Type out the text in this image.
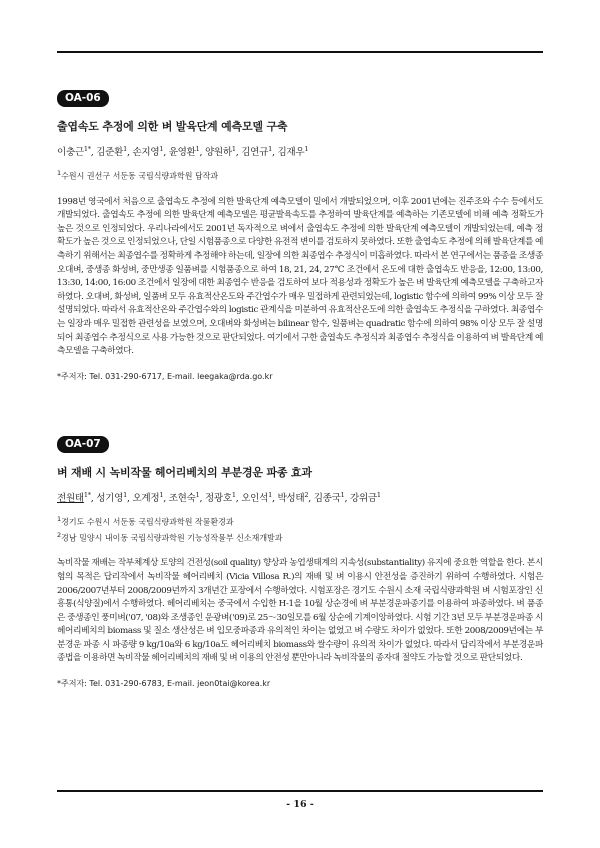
OA-06
출엽속도 추정에 의한 벼 발육단계 예측모델 구축
이충근$^{1*}$, 김준환$^1$, 손지영$^1$, 윤영환$^1$, 양원하$^1$, 김연규$^1$, 김재우$^1$
$^1$수원시 권선구 서둔동 국립식량과학원 답작과
1998년 영국에서 처음으로 출엽속도 추정에 의한 발육단계 예측모델이 밀에서 개발되었으며, 이후 2001년에는 진주조와 수수 등에서도 개발되었다. 출엽속도 추정에 의한 발육단계 예측모델은 평균발육속도를 추정하여 발육단계를 예측하는 기존모델에 비해 예측 정확도가 높은 것으로 인정되었다. 우리나라에서도 2001년 독자적으로 벼에서 출엽속도 추정에 의한 발육단계 예측모델이 개발되었는데, 예측 정확도가 높은 것으로 인정되었으나, 단일 시험품종으로 다양한 유전적 변이를 검토하지 못하였다. 또한 출엽속도 추정에 의해 발육단계를 예측하기 위해서는 최종엽수를 정확하게 추정해야 하는데, 일장에 의한 최종엽수 추정식이 미흡하였다. 따라서 본 연구에서는 품종을 조생종 오대벼, 중생종 화성벼, 중만생종 일품벼를 시험품종으로 하여 18, 21, 24, 27℃ 조건에서 온도에 대한 출엽속도 반응을, 12:00, 13:00, 13:30, 14:00, 16:00 조건에서 일장에 대한 최종엽수 반응을 검토하여 보다 적용성과 정확도가 높은 벼 발육단계 예측모델을 구축하고자 하였다. 오대벼, 화성벼, 일품벼 모두 유효적산온도와 주간엽수가 매우 밀접하게 관련되었는데, logistic 함수에 의하여 99% 이상 모두 잘 설명되었다. 따라서 유효적산온와 주간엽수와의 logistic 관계식을 미분하여 유효적산온도에 의한 출엽속도 추정식을 구하였다. 최종엽수는 일장과 매우 밀접한 관련성을 보였으며, 오대벼와 화성벼는 bilinear 함수, 일품벼는 quadratic 함수에 의하여 98% 이상 모두 잘 설명되어 최종엽수 추정식으로 사용 가능한 것으로 판단되었다. 여기에서 구한 출엽속도 추정식과 최종엽수 추정식을 이용하여 벼 발육단계 예측모델을 구축하였다.
*주저자: Tel. 031-290-6717, E-mail. leegaka@rda.go.kr
OA-07
벼 재배 시 녹비작물 헤어리베치의 부분경운 파종 효과
전원태$^{1*}$, 성기영$^1$, 오계정$^1$, 조현숙$^1$, 정광호$^1$, 오인석$^1$, 박성태$^2$, 김종국$^1$, 강위금$^1$
$^1$경기도 수원시 서둔동 국립식량과학원 작물환경과
$^2$경남 밀양시 내이동 국립식량과학원 기능성작물부 신소재개발과
녹비작물 재배는 작부체계상 토양의 건전성(soil quality) 향상과 농업생태계의 지속성(substantiality) 유지에 중요한 역할을 한다. 본시험의 목적은 답리작에서 녹비작물 헤어리베치 (Vicia Villosa R.)의 재배 및 벼 이용시 안전성을 증진하기 위하여 수행하였다. 시험은 2006/2007년부터 2008/2009년까지 3개년간 포장에서 수행하였다. 시험포장은 경기도 수원시 소재 국립식량과학원 벼 시험포장인 신흥통(식양질)에서 수행하였다. 헤어리베치는 중국에서 수입한 H-1을 10월 상순경에 벼 부분경운파종기를 이용하여 파종하였다. 벼 품종은 중생종인 풍미벼('07, '08)와 조생종인 운광벼('09)로 25～30일모를 6월 상순에 기계이앙하였다. 시험 기간 3년 모두 부분경운파종 시 헤어리베치의 biomass 및 질소 생산성은 벼 입모중파종과 유의적인 차이는 없었고 벼 수량도 차이가 없었다. 또한 2008/2009년에는 부분경운 파종 시 파종량 9 kg/10a와 6 kg/10a도 헤어리베치 biomass와 쌀수량이 유의적 차이가 없었다. 따라서 답리작에서 부분경운파종법을 이용하면 녹비작물 헤어리베치의 재배 및 벼 이용의 안전성 뿐만아니라 녹비작물의 종자대 절약도 가능할 것으로 판단되었다.
*주저자: Tel. 031-290-6783, E-mail. jeon0tai@korea.kr
- 16 -
